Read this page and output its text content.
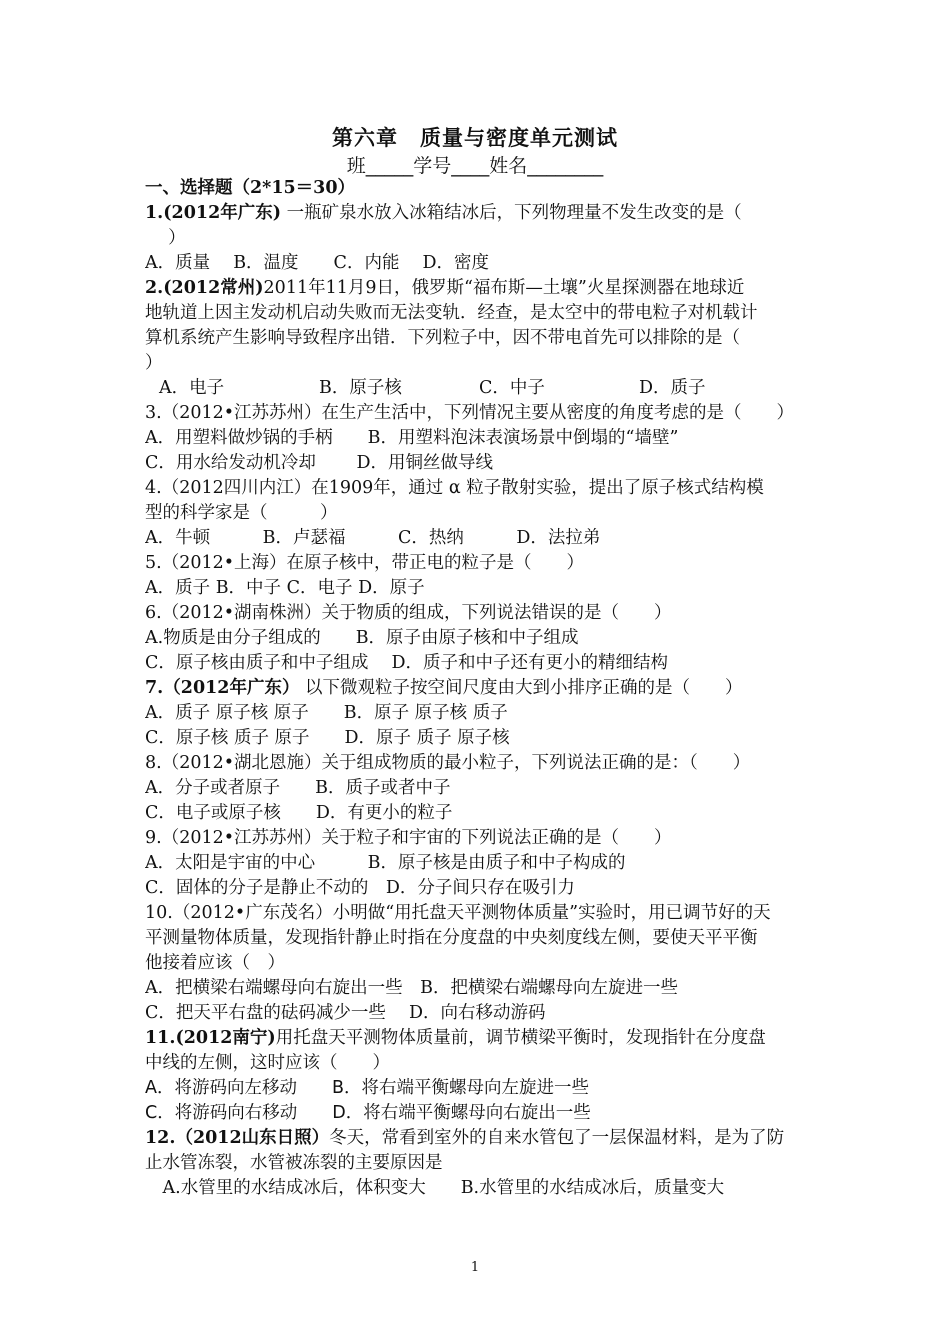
第六章　质量与密度单元测试
班_____学号____姓名________
一、选择题（2*15＝30）
1.(2012年广东) 一瓶矿泉水放入冰箱结冰后，下列物理量不发生改变的是（
　 ）
A．质量　 B．温度　　C．内能　 D．密度
2.(2012常州)2011年11月9日，俄罗斯“福布斯—土壤”火星探测器在地球近
地轨道上因主发动机启动失败而无法变轨．经查，是太空中的带电粒子对机载计
算机系统产生影响导致程序出错．下列粒子中，因不带电首先可以排除的是（
）
A．电子	B．原子核	C．中子	D．质子
3.（2012•江苏苏州）在生产生活中，下列情况主要从密度的角度考虑的是（　　）
A．用塑料做炒锅的手柄　　B．用塑料泡沫表演场景中倒塌的“墙壁”
C．用水给发动机冷却　　 D．用铜丝做导线
4.（2012四川内江）在1909年，通过 α 粒子散射实验，提出了原子核式结构模
型的科学家是（　　　）
A．牛顿　　　B．卢瑟福　　　C．热纳　　　D．法拉弟
5.（2012•上海）在原子核中，带正电的粒子是（　　）
A．质子 B．中子 C．电子 D．原子
6.（2012•湖南株洲）关于物质的组成，下列说法错误的是（　　）
A.物质是由分子组成的　　B．原子由原子核和中子组成
C．原子核由质子和中子组成　 D．质子和中子还有更小的精细结构
7.（2012年广东） 以下微观粒子按空间尺度由大到小排序正确的是（　　）
A．质子 原子核 原子　　B．原子 原子核 质子
C．原子核 质子 原子　　D．原子 质子 原子核
8.（2012•湖北恩施）关于组成物质的最小粒子，下列说法正确的是：（　　）
A．分子或者原子　　B．质子或者中子
C．电子或原子核　　D．有更小的粒子
9.（2012•江苏苏州）关于粒子和宇宙的下列说法正确的是（　　）
A．太阳是宇宙的中心　　　B．原子核是由质子和中子构成的
C．固体的分子是静止不动的　D．分子间只存在吸引力
10.（2012•广东茂名）小明做“用托盘天平测物体质量”实验时，用已调节好的天
平测量物体质量，发现指针静止时指在分度盘的中央刻度线左侧，要使天平平衡
他接着应该（　）
A．把横梁右端螺母向右旋出一些　B．把横梁右端螺母向左旋进一些
C．把天平右盘的砝码减少一些　 D．向右移动游码
11.(2012南宁)用托盘天平测物体质量前，调节横梁平衡时，发现指针在分度盘
中线的左侧，这时应该（　　）
A．将游码向左移动　　B．将右端平衡螺母向左旋进一些
C．将游码向右移动　　D．将右端平衡螺母向右旋出一些
12.（2012山东日照）冬天，常看到室外的自来水管包了一层保温材料，是为了防
止水管冻裂，水管被冻裂的主要原因是
　A.水管里的水结成冰后，体积变大　　B.水管里的水结成冰后，质量变大
1
